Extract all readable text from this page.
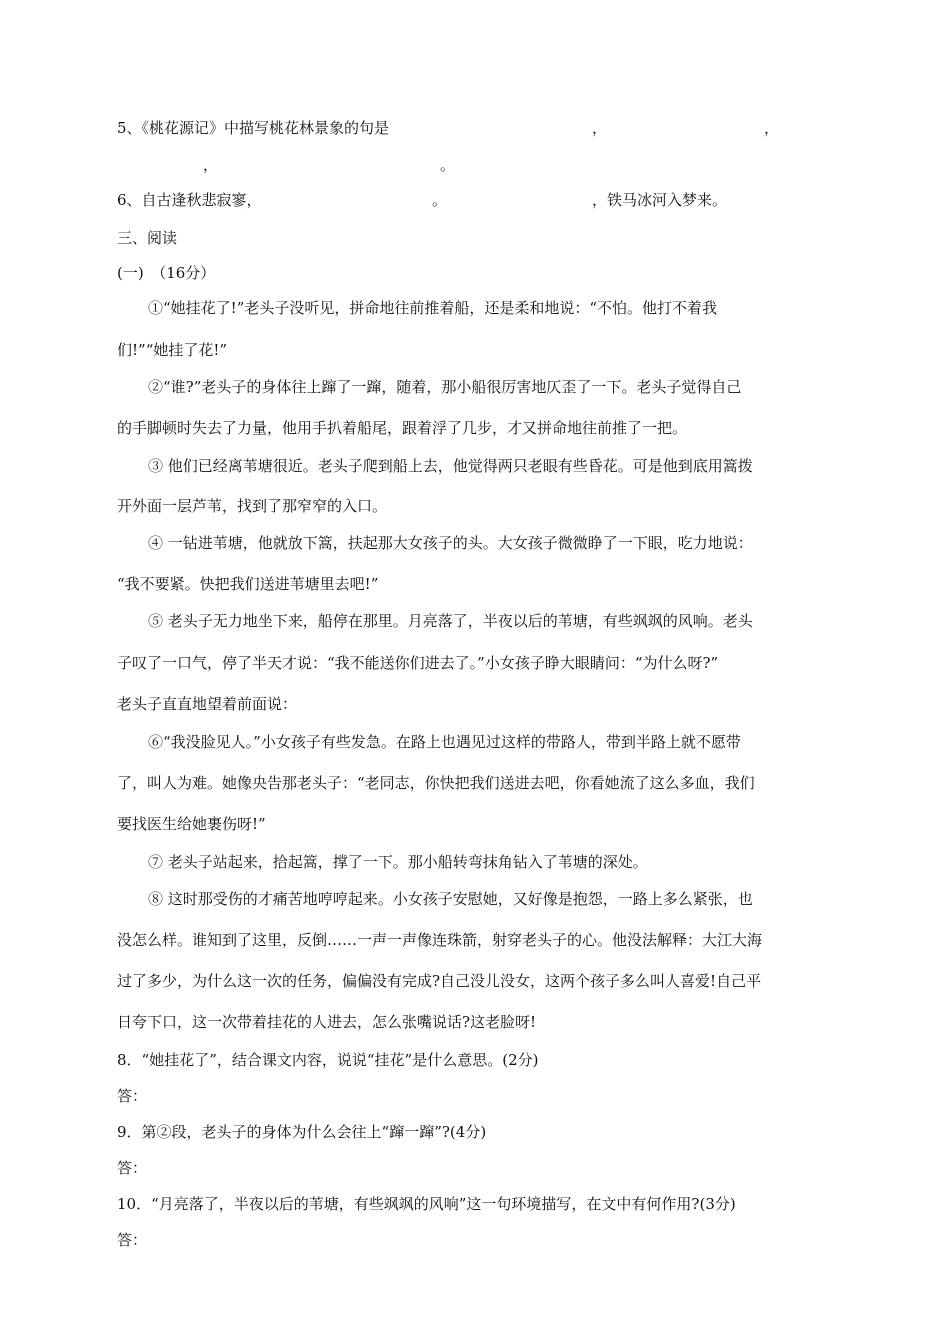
5、《桃花源记》中描写桃花林景象的句是	，	，
，	。
6、自古逢秋悲寂寥，	。	，铁马冰河入梦来。
三、阅读
(一)　（16分）
①“她挂花了!”老头子没听见，拼命地往前推着船，还是柔和地说：“不怕。他打不着我
们!”“她挂了花!”
②“谁?”老头子的身体往上蹿了一蹿，随着，那小船很厉害地仄歪了一下。老头子觉得自己
的手脚顿时失去了力量，他用手扒着船尾，跟着浮了几步，才又拼命地往前推了一把。
③ 他们已经离苇塘很近。老头子爬到船上去，他觉得两只老眼有些昏花。可是他到底用篙拨
开外面一层芦苇，找到了那窄窄的入口。
④ 一钻进苇塘，他就放下篙，扶起那大女孩子的头。大女孩子微微睁了一下眼，吃力地说：
“我不要紧。快把我们送进苇塘里去吧!”
⑤ 老头子无力地坐下来，船停在那里。月亮落了，半夜以后的苇塘，有些飒飒的风响。老头
子叹了一口气，停了半天才说：“我不能送你们进去了。”小女孩子睁大眼睛问：“为什么呀?”
老头子直直地望着前面说：
⑥“我没脸见人。”小女孩子有些发急。在路上也遇见过这样的带路人，带到半路上就不愿带
了，叫人为难。她像央告那老头子：“老同志，你快把我们送进去吧，你看她流了这么多血，我们
要找医生给她裹伤呀!”
⑦ 老头子站起来，拾起篙，撑了一下。那小船转弯抹角钻入了苇塘的深处。
⑧ 这时那受伤的才痛苦地哼哼起来。小女孩子安慰她，又好像是抱怨，一路上多么紧张，也
没怎么样。谁知到了这里，反倒……一声一声像连珠箭，射穿老头子的心。他没法解释：大江大海
过了多少，为什么这一次的任务，偏偏没有完成?自己没儿没女，这两个孩子多么叫人喜爱!自己平
日夸下口，这一次带着挂花的人进去，怎么张嘴说话?这老脸呀!
8．“她挂花了”，结合课文内容，说说“挂花”是什么意思。(2分)
答：
9．第②段，老头子的身体为什么会往上“蹿一蹿”?(4分)
答：
10．“月亮落了，半夜以后的苇塘，有些飒飒的风响”这一句环境描写，在文中有何作用?(3分)
答：
